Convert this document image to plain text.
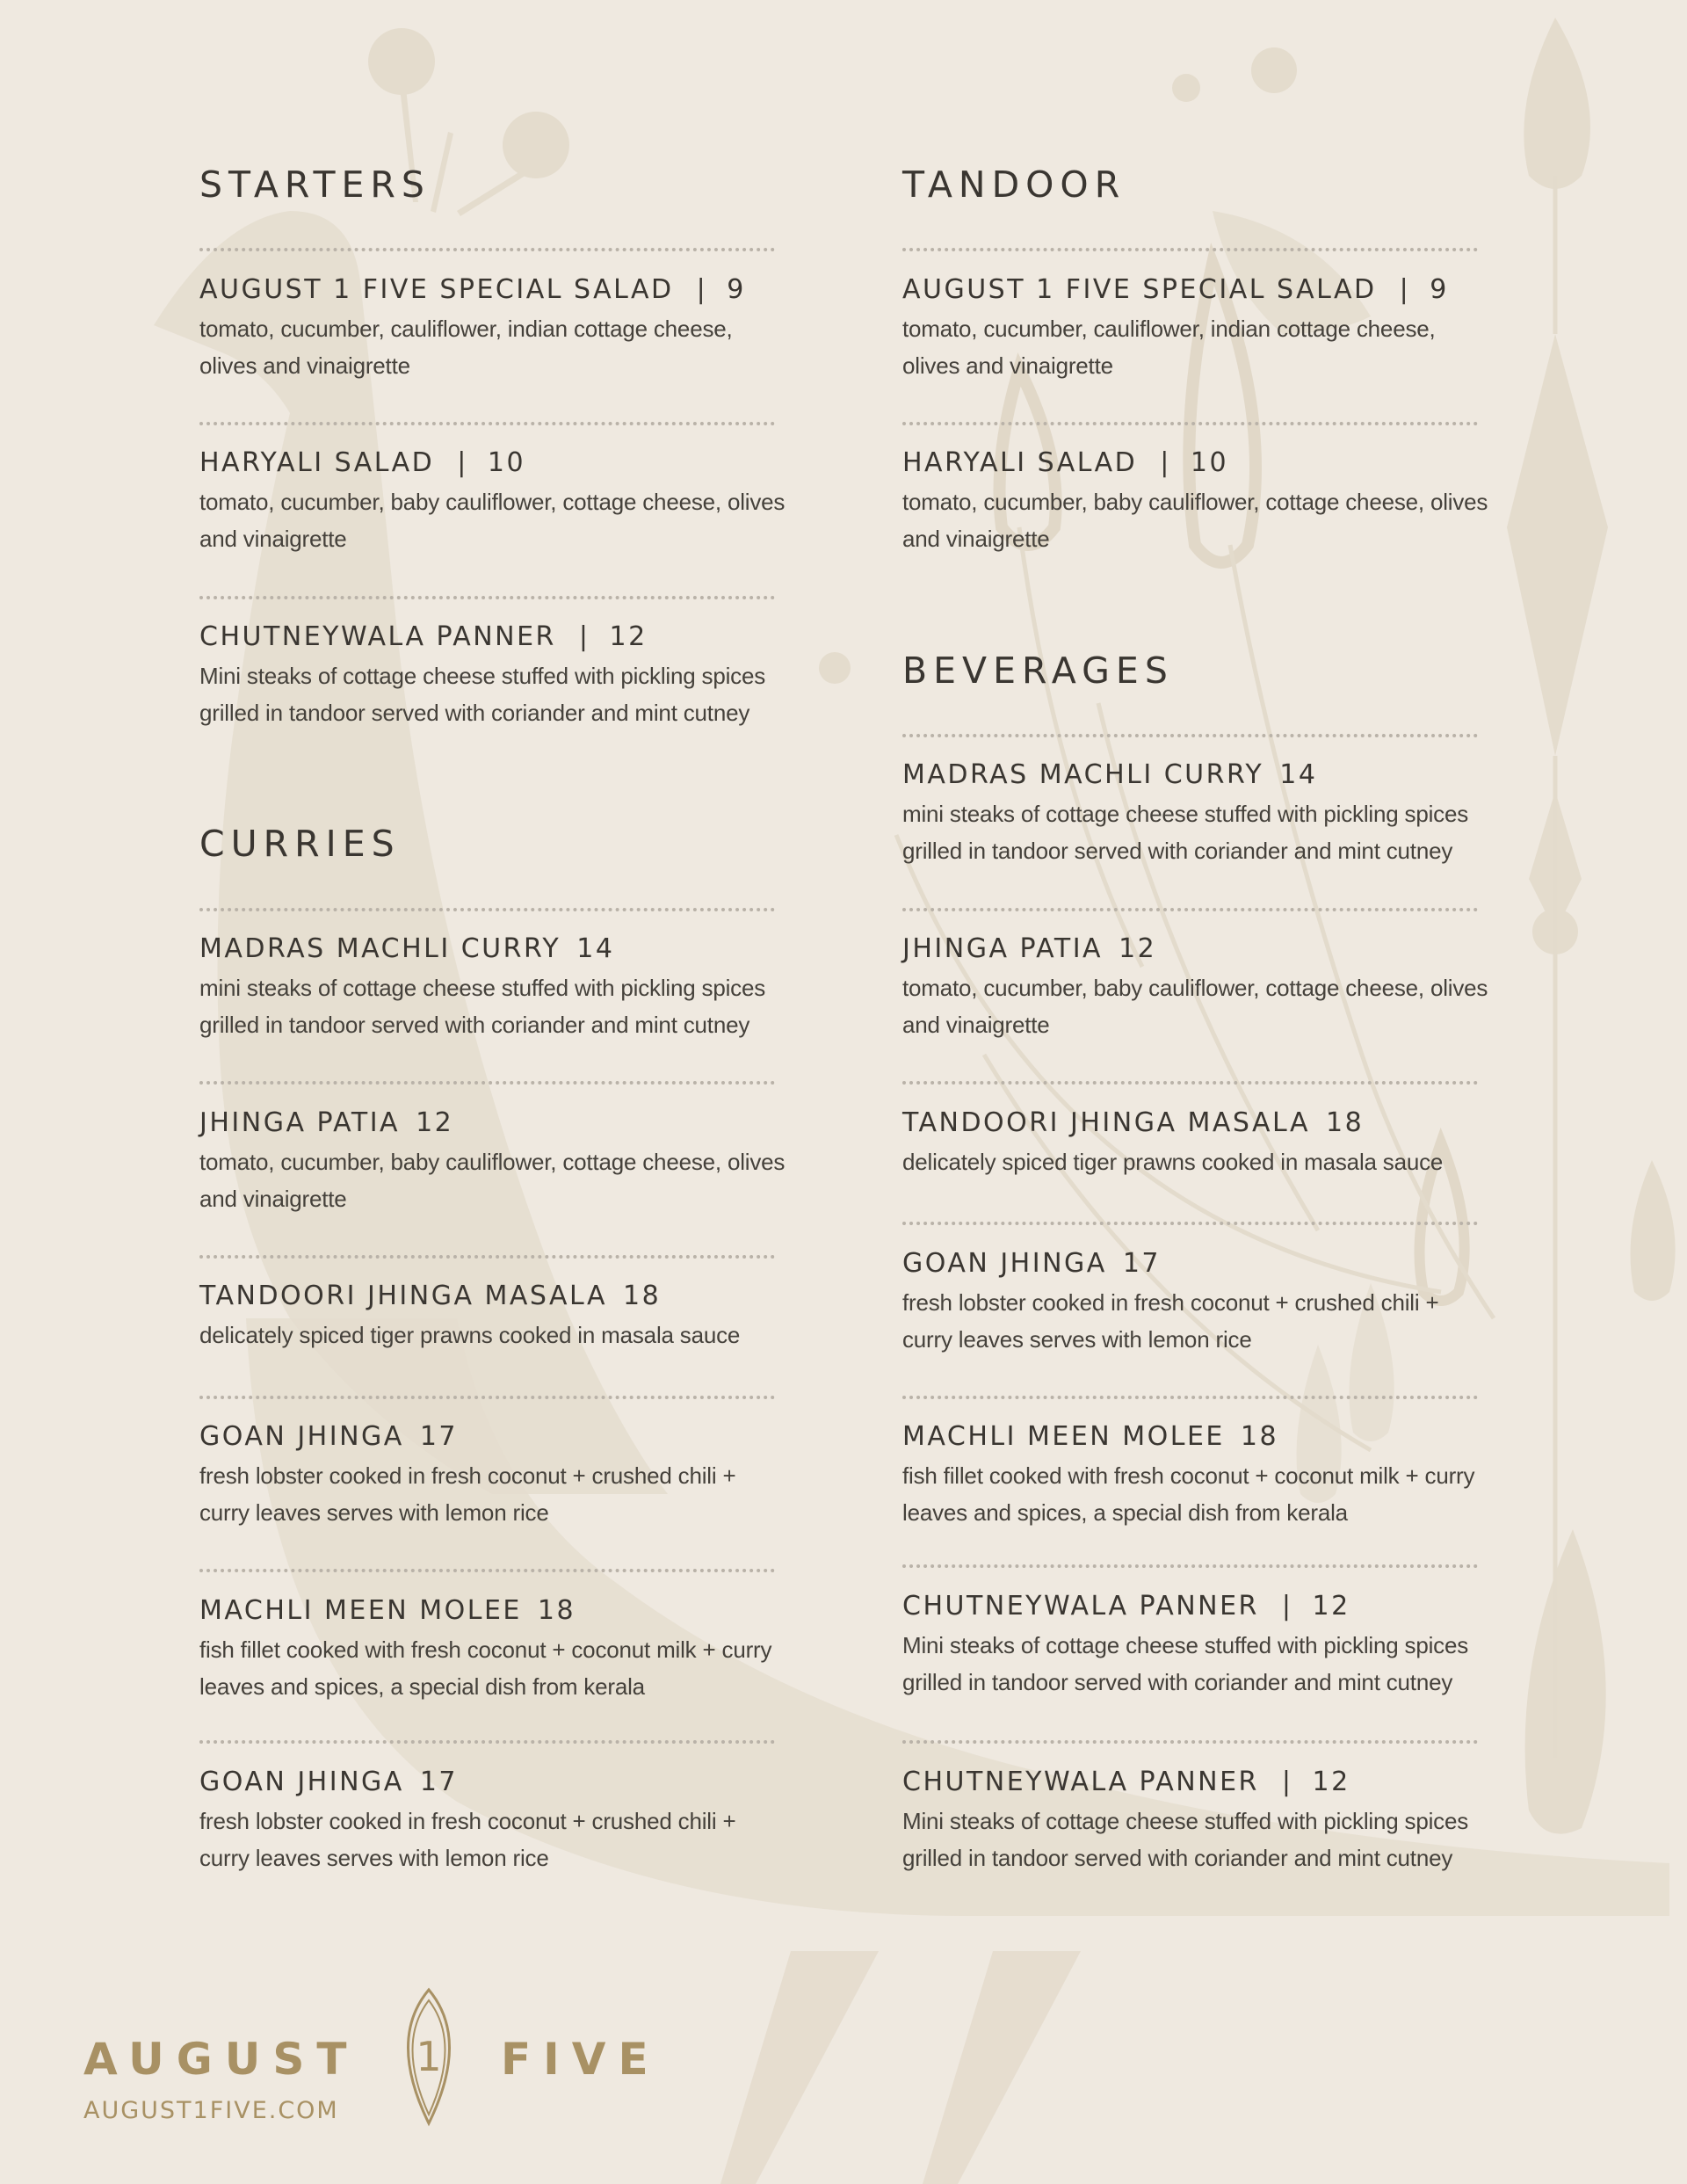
STARTERS
AUGUST 1 FIVE SPECIAL SALAD | 9
tomato, cucumber, cauliflower, indian cottage cheese, olives and vinaigrette
HARYALI SALAD | 10
tomato, cucumber, baby cauliflower, cottage cheese, olives and vinaigrette
CHUTNEYWALA PANNER | 12
Mini steaks of cottage cheese stuffed with pickling spices grilled in tandoor served with coriander and mint cutney
CURRIES
MADRAS MACHLI CURRY 14
mini steaks of cottage cheese stuffed with pickling spices grilled in tandoor served with coriander and mint cutney
JHINGA PATIA 12
tomato, cucumber, baby cauliflower, cottage cheese, olives and vinaigrette
TANDOORI JHINGA MASALA 18
delicately spiced tiger prawns cooked in masala sauce
GOAN JHINGA 17
fresh lobster cooked in fresh coconut + crushed chili + curry leaves serves with lemon rice
MACHLI MEEN MOLEE 18
fish fillet cooked with fresh coconut + coconut milk + curry leaves and spices, a special dish from kerala
GOAN JHINGA 17
fresh lobster cooked in fresh coconut + crushed chili + curry leaves serves with lemon rice
TANDOOR
AUGUST 1 FIVE SPECIAL SALAD | 9
tomato, cucumber, cauliflower, indian cottage cheese, olives and vinaigrette
HARYALI SALAD | 10
tomato, cucumber, baby cauliflower, cottage cheese, olives and vinaigrette
BEVERAGES
MADRAS MACHLI CURRY 14
mini steaks of cottage cheese stuffed with pickling spices grilled in tandoor served with coriander and mint cutney
JHINGA PATIA 12
tomato, cucumber, baby cauliflower, cottage cheese, olives and vinaigrette
TANDOORI JHINGA MASALA 18
delicately spiced tiger prawns cooked in masala sauce
GOAN JHINGA 17
fresh lobster cooked in fresh coconut + crushed chili + curry leaves serves with lemon rice
MACHLI MEEN MOLEE 18
fish fillet cooked with fresh coconut + coconut milk + curry leaves and spices, a special dish from kerala
CHUTNEYWALA PANNER | 12
Mini steaks of cottage cheese stuffed with pickling spices grilled in tandoor served with coriander and mint cutney
CHUTNEYWALA PANNER | 12
Mini steaks of cottage cheese stuffed with pickling spices grilled in tandoor served with coriander and mint cutney
AUGUST 1 FIVE
AUGUST1FIVE.COM
